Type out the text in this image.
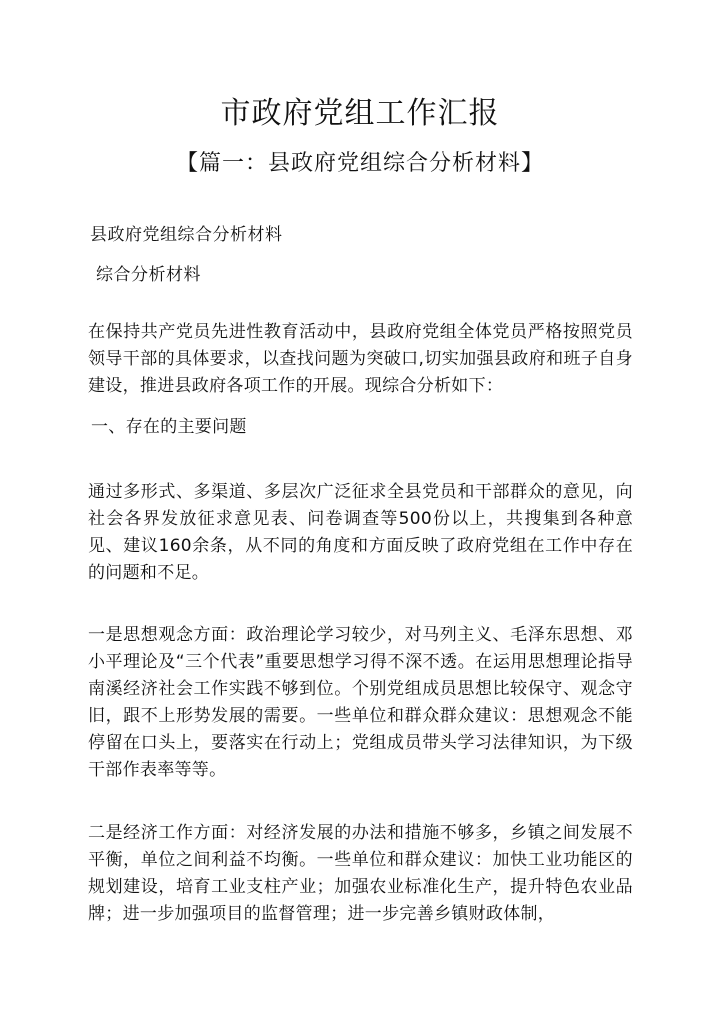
市政府党组工作汇报
【篇一：县政府党组综合分析材料】
县政府党组综合分析材料
综合分析材料
在保持共产党员先进性教育活动中，县政府党组全体党员严格按照党员领导干部的具体要求，以查找问题为突破口,切实加强县政府和班子自身建设，推进县政府各项工作的开展。现综合分析如下：
一、存在的主要问题
通过多形式、多渠道、多层次广泛征求全县党员和干部群众的意见，向社会各界发放征求意见表、问卷调查等500份以上，共搜集到各种意见、建议160余条，从不同的角度和方面反映了政府党组在工作中存在的问题和不足。
一是思想观念方面：政治理论学习较少，对马列主义、毛泽东思想、邓小平理论及“三个代表”重要思想学习得不深不透。在运用思想理论指导南溪经济社会工作实践不够到位。个别党组成员思想比较保守、观念守旧，跟不上形势发展的需要。一些单位和群众群众建议：思想观念不能停留在口头上，要落实在行动上；党组成员带头学习法律知识，为下级干部作表率等等。
二是经济工作方面：对经济发展的办法和措施不够多，乡镇之间发展不平衡，单位之间利益不均衡。一些单位和群众建议：加快工业功能区的规划建设，培育工业支柱产业；加强农业标准化生产，提升特色农业品牌；进一步加强项目的监督管理；进一步完善乡镇财政体制，
